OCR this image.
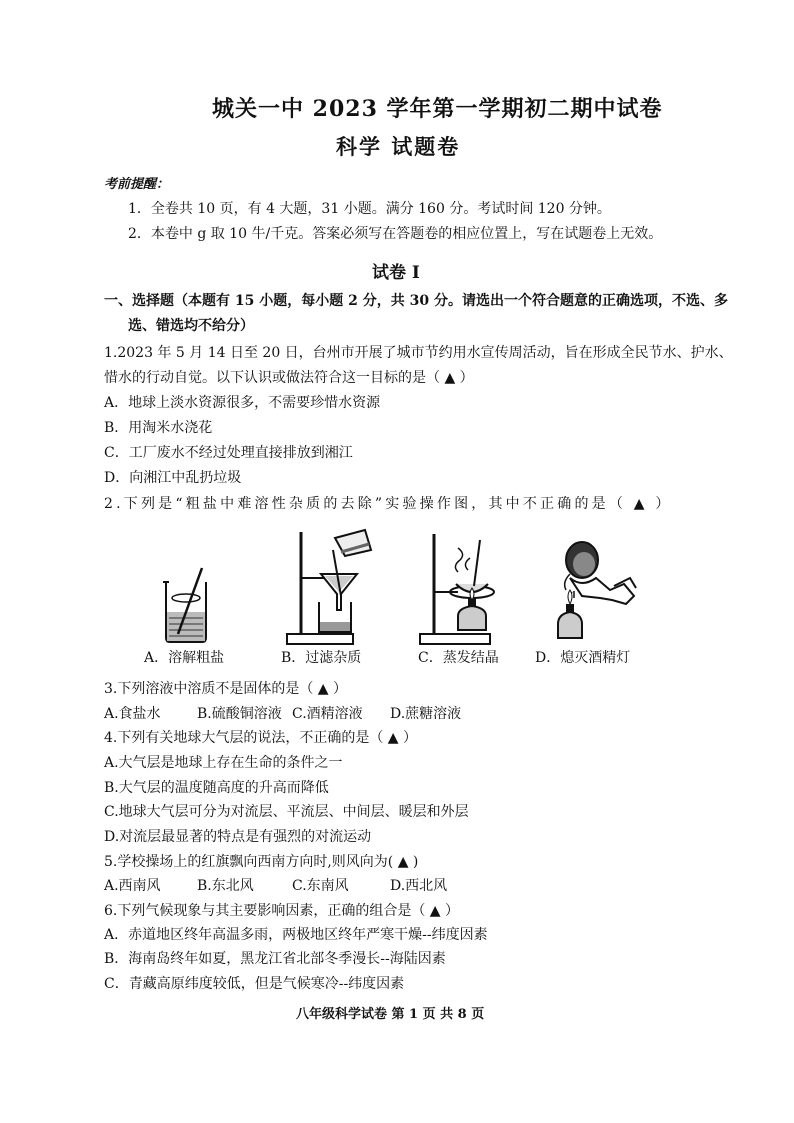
城关一中 2023 学年第一学期初二期中试卷
科学 试题卷
考前提醒：
1．全卷共 10 页，有 4 大题，31 小题。满分 160 分。考试时间 120 分钟。
2．本卷中 g 取 10 牛/千克。答案必须写在答题卷的相应位置上，写在试题卷上无效。
试卷 I
一、选择题（本题有 15 小题，每小题 2 分，共 30 分。请选出一个符合题意的正确选项，不选、多
选、错选均不给分）
1.2023 年 5 月 14 日至 20 日，台州市开展了城市节约用水宣传周活动，旨在形成全民节水、护水、
惜水的行动自觉。以下认识或做法符合这一目标的是（ ▲ ）
A．地球上淡水资源很多，不需要珍惜水资源
B．用淘米水浇花
C．工厂废水不经过处理直接排放到湘江
D．向湘江中乱扔垃圾
2.下列是“粗盐中难溶性杂质的去除”实验操作图，其中不正确的是（ ▲ ）
A．溶解粗盐	B．过滤杂质	C．蒸发结晶	D．熄灭酒精灯
3.下列溶液中溶质不是固体的是（ ▲ ）
A.食盐水	B.硫酸铜溶液 C.酒精溶液 D.蔗糖溶液
4.下列有关地球大气层的说法，不正确的是（ ▲ ）
A.大气层是地球上存在生命的条件之一
B.大气层的温度随高度的升高而降低
C.地球大气层可分为对流层、平流层、中间层、暖层和外层
D.对流层最显著的特点是有强烈的对流运动
5.学校操场上的红旗飘向西南方向时,则风向为( ▲ )
A.西南风	B.东北风	C.东南风	D.西北风
6.下列气候现象与其主要影响因素，正确的组合是（ ▲ ）
A．赤道地区终年高温多雨，两极地区终年严寒干燥--纬度因素
B．海南岛终年如夏，黑龙江省北部冬季漫长--海陆因素
C．青藏高原纬度较低，但是气候寒冷--纬度因素
八年级科学试卷 第 1 页 共 8 页
